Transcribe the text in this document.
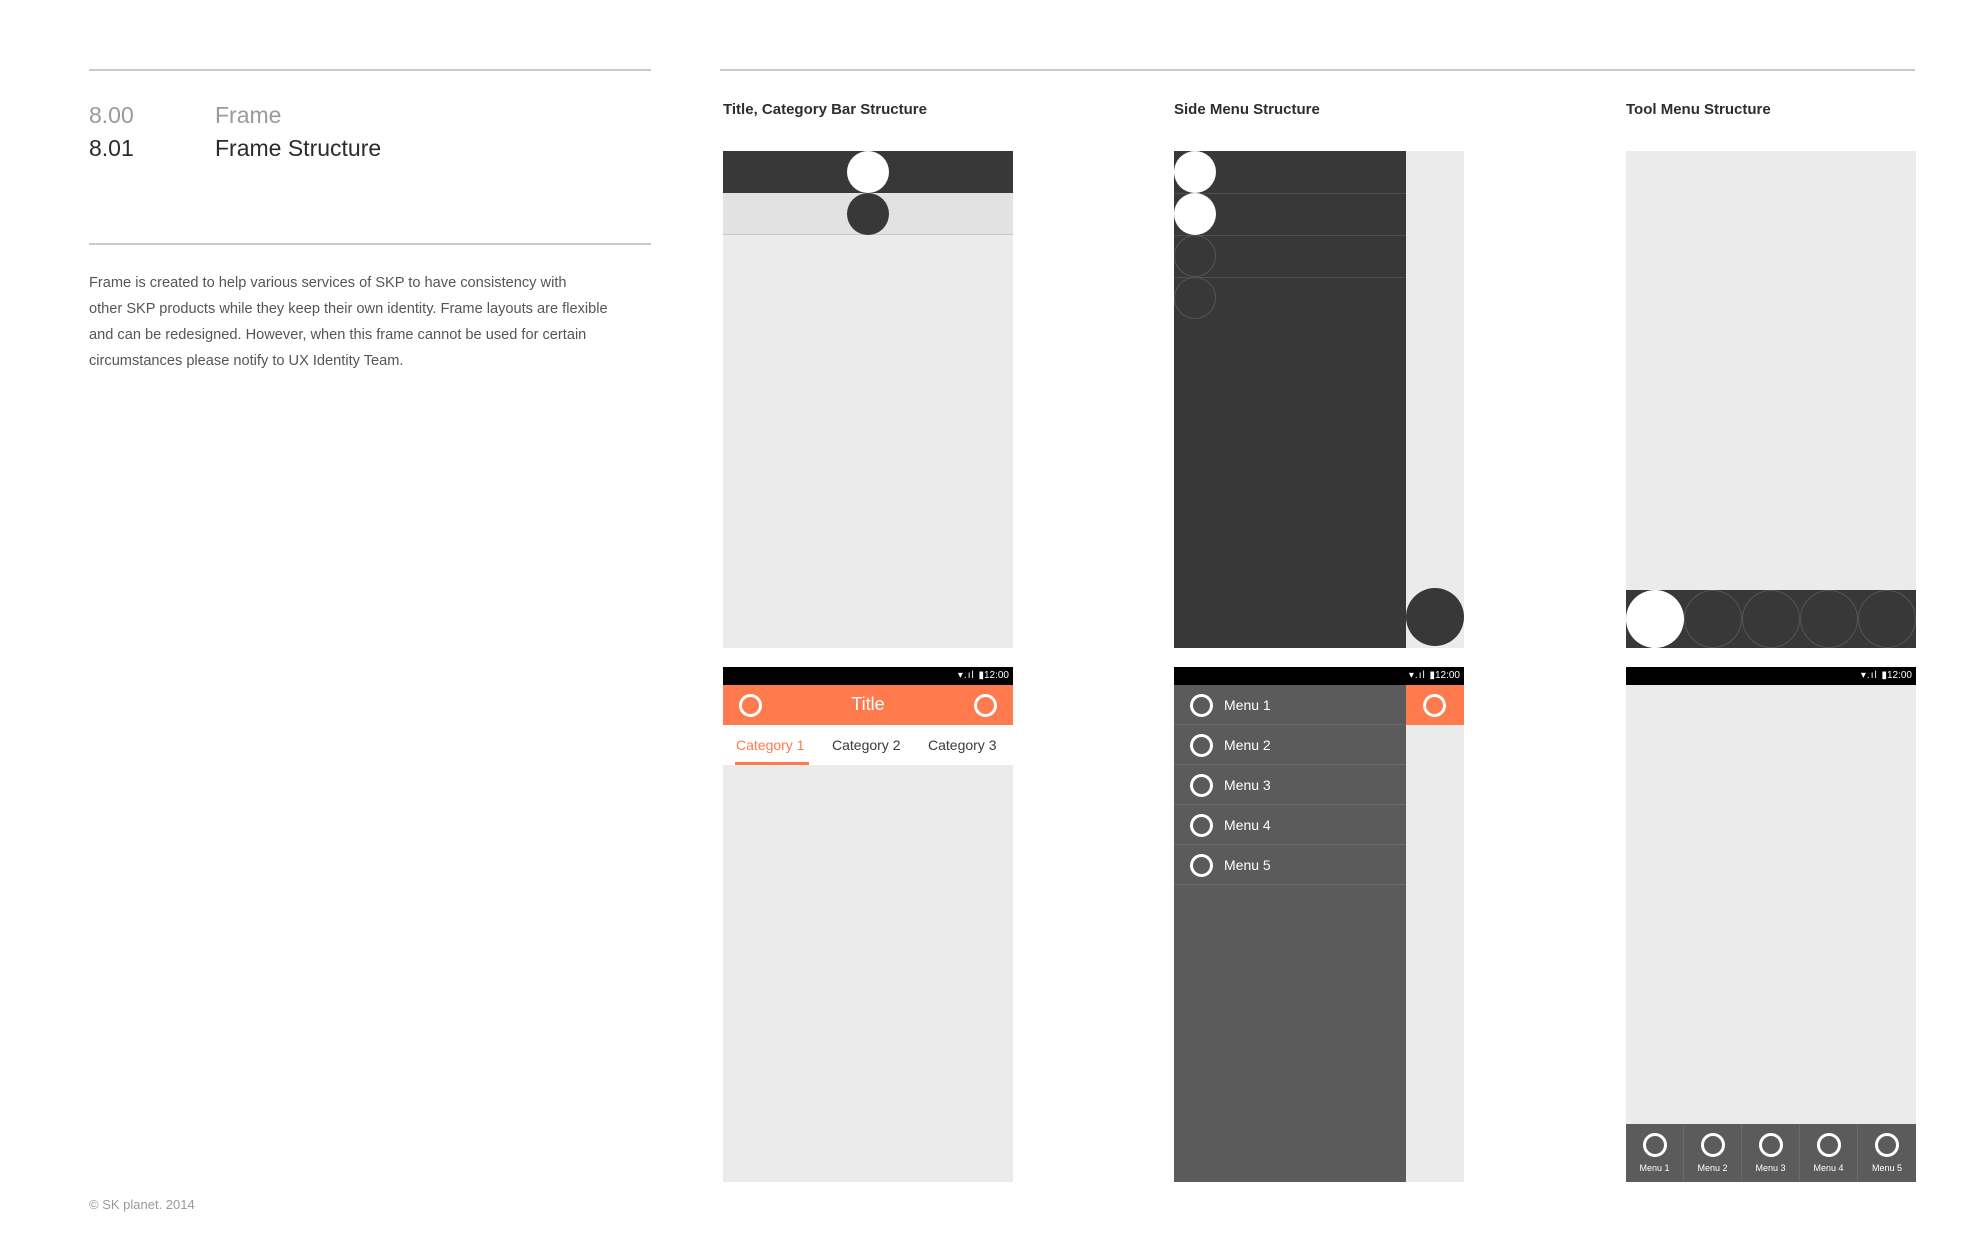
8.00	Frame
8.01	Frame Structure
Frame is created to help various services of SKP to have consistency with
other SKP products while they keep their own identity. Frame layouts are flexible
and can be redesigned. However, when this frame cannot be used for certain
circumstances please notify to UX Identity Team.
© SK planet. 2014
Title, Category Bar Structure	Side Menu Structure	Tool Menu Structure
▾.ıl ▮
12:00
Title
Category 1 Category 2 Category 3
▾.ıl ▮
12:00
Menu 1
Menu 2
Menu 3
Menu 4
Menu 5
▾.ıl ▮
12:00
Menu 1	Menu 2	Menu 3	Menu 4	Menu 5
